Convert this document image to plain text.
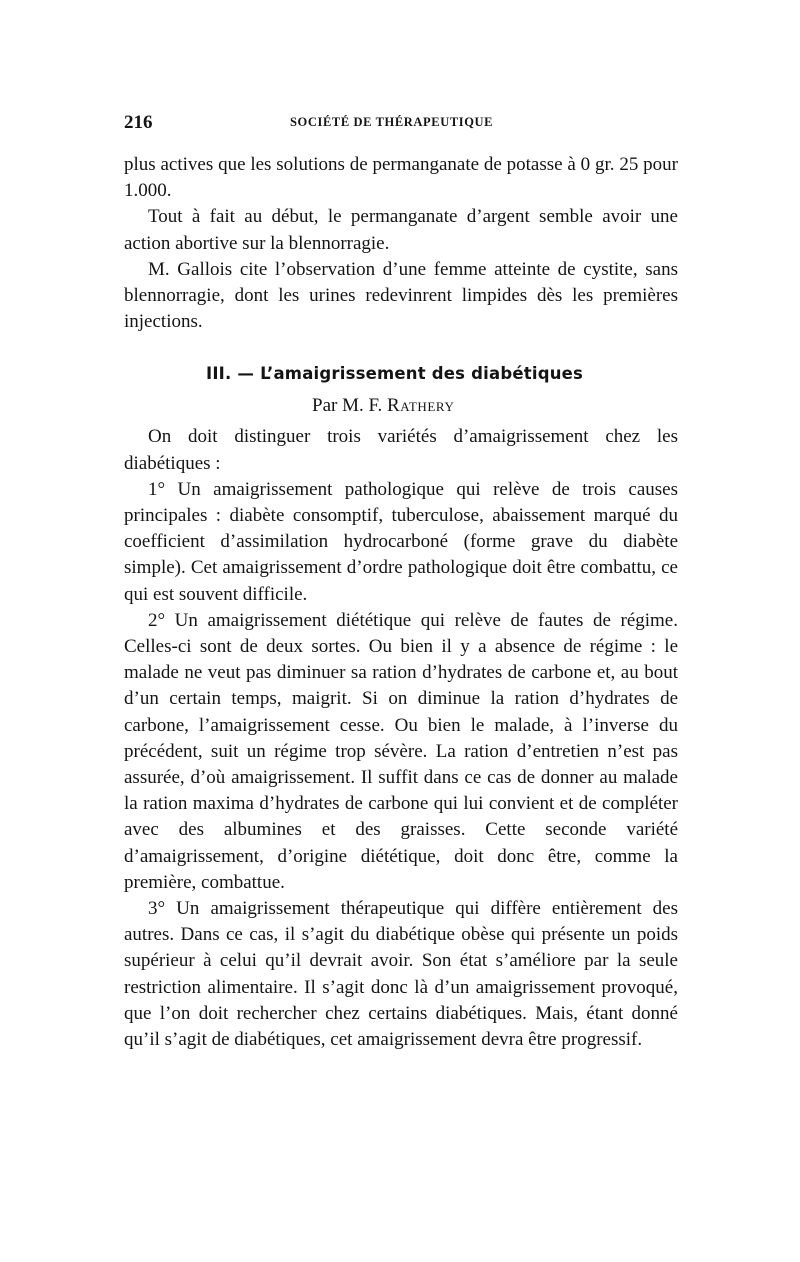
216	SOCIÉTÉ DE THÉRAPEUTIQUE

plus actives que les solutions de permanganate de potasse à 0 gr. 25 pour 1.000.

Tout à fait au début, le permanganate d’argent semble avoir une action abortive sur la blennorragie.

M. Gallois cite l’observation d’une femme atteinte de cystite, sans blennorragie, dont les urines redevinrent limpides dès les premières injections.

III. — L’amaigrissement des diabétiques
Par M. F. Rathery

On doit distinguer trois variétés d’amaigrissement chez les diabétiques :

1° Un amaigrissement pathologique qui relève de trois causes principales : diabète consomptif, tuberculose, abaissement marqué du coefficient d’assimilation hydrocarboné (forme grave du diabète simple). Cet amaigrissement d’ordre pathologique doit être combattu, ce qui est souvent difficile.

2° Un amaigrissement diététique qui relève de fautes de régime. Celles-ci sont de deux sortes. Ou bien il y a absence de régime : le malade ne veut pas diminuer sa ration d’hydrates de carbone et, au bout d’un certain temps, maigrit. Si on diminue la ration d’hydrates de carbone, l’amaigrissement cesse. Ou bien le malade, à l’inverse du précédent, suit un régime trop sévère. La ration d’entretien n’est pas assurée, d’où amaigrissement. Il suffit dans ce cas de donner au malade la ration maxima d’hydrates de carbone qui lui convient et de compléter avec des albumines et des graisses. Cette seconde variété d’amaigrissement, d’origine diététique, doit donc être, comme la première, combattue.

3° Un amaigrissement thérapeutique qui diffère entièrement des autres. Dans ce cas, il s’agit du diabétique obèse qui présente un poids supérieur à celui qu’il devrait avoir. Son état s’améliore par la seule restriction alimentaire. Il s’agit donc là d’un amaigrissement provoqué, que l’on doit rechercher chez certains diabétiques. Mais, étant donné qu’il s’agit de diabétiques, cet amaigrissement devra être progressif.
